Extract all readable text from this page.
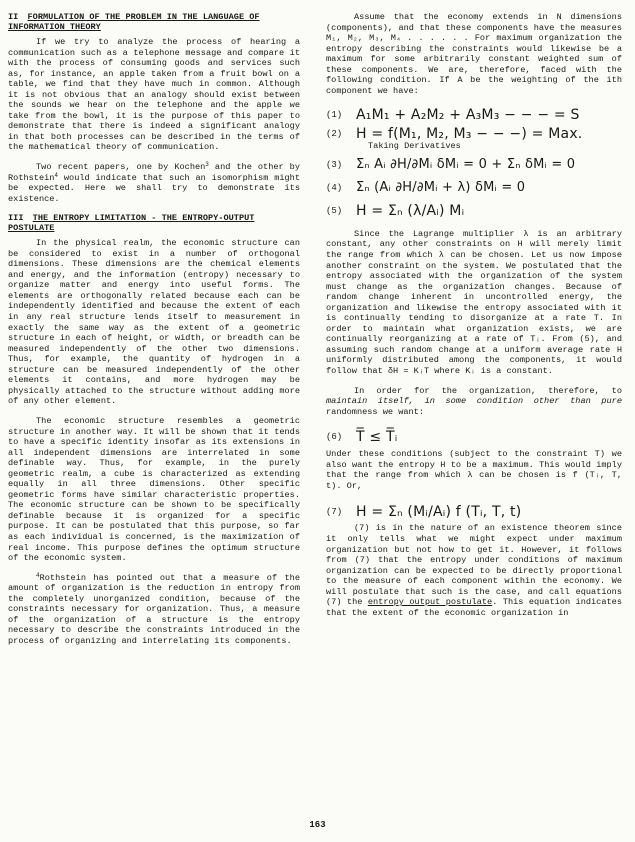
II FORMULATION OF THE PROBLEM IN THE LANGUAGE OF INFORMATION THEORY

If we try to analyze the process of hearing a communication such as a telephone message and compare it with the process of consuming goods and services such as, for instance, an apple taken from a fruit bowl on a table, we find that they have much in common. Although it is not obvious that an analogy should exist between the sounds we hear on the telephone and the apple we take from the bowl, it is the purpose of this paper to demonstrate that there is indeed a significant analogy in that both processes can be described in the terms of the mathematical theory of communication.

Two recent papers, one by Kochen$^3$ and the other by Rothstein$^4$ would indicate that such an isomorphism might be expected. Here we shall try to demonstrate its existence.

III THE ENTROPY LIMITATION - THE ENTROPY-OUTPUT POSTULATE

In the physical realm, the economic structure can be considered to exist in a number of orthogonal dimensions. These dimensions are the chemical elements and energy, and the information (entropy) necessary to organize matter and energy into useful forms. The elements are orthogonally related because each can be independently identified and because the extent of each in any real structure lends itself to measurement in exactly the same way as the extent of a geometric structure in each of height, or width, or breadth can be measured independently of the other two dimensions. Thus, for example, the quantity of hydrogen in a structure can be measured independently of the other elements it contains, and more hydrogen may be physically attached to the structure without adding more of any other element.

The economic structure resembles a geometric structure in another way. It will be shown that it tends to have a specific identity insofar as its extensions in all independent dimensions are interrelated in some definable way. Thus, for example, in the purely geometric realm, a cube is characterized as extending equally in all three dimensions. Other specific geometric forms have similar characteristic properties. The economic structure can be shown to be specifically definable because it is organized for a specific purpose. It can be postulated that this purpose, so far as each individual is concerned, is the maximization of real income. This purpose defines the optimum structure of the economic system.

$^4$Rothstein has pointed out that a measure of the amount of organization is the reduction in entropy from the completely unorganized condition, because of the constraints necessary for organization. Thus, a measure of the organization of a structure is the entropy necessary to describe the constraints introduced in the process of organizing and interrelating its components.

Assume that the economy extends in N dimensions (components), and that these components have the measures M₁, M₂, M₃, M₄ . . . . . . For maximum organization the entropy describing the constraints would likewise be a maximum for some arbitrarily constant weighted sum of these components. We are, therefore, faced with the following condition. If A be the weighting of the ith component we have:

(1) A₁M₁ + A₂M₂ + A₃M₃ − − − = S
(2) H = f(M₁, M₂, M₃ − − −) = Max.
Taking Derivatives
(3)	Σₙ Aᵢ ∂H/∂Mᵢ δMᵢ = 0 + Σₙ δMᵢ = 0
(4)	Σₙ (Aᵢ ∂H/∂Mᵢ + λ) δMᵢ = 0
(5) H = Σₙ (λ/Aᵢ) Mᵢ

Since the Lagrange multiplier λ is an arbitrary constant, any other constraints on H will merely limit the range from which λ can be chosen. Let us now impose another constraint on the system. We postulated that the entropy associated with the organization of the system must change as the organization changes. Because of random change inherent in uncontrolled energy, the organization and likewise the entropy associated with it is continually tending to disorganize at a rate T. In order to maintain what organization exists, we are continually reorganizing at a rate of Tᵢ. From (5), and assuming such random change at a uniform average rate H uniformly distributed among the components, it would follow that δH = KᵢT where Kᵢ is a constant.

In order for the organization, therefore, to maintain itself, in some condition other than pure randomness we want:

(6) T̅ ≤ T̅ᵢ

Under these conditions (subject to the constraint T) we also want the entropy H to be a maximum. This would imply that the range from which λ can be chosen is f (Tᵢ, T, t). Or,

(7) H = Σₙ (Mᵢ/Aᵢ) f (Tᵢ, T, t)

(7) is in the nature of an existence theorem since it only tells what we might expect under maximum organization but not how to get it. However, it follows from (7) that the entropy under conditions of maximum organization can be expected to be directly proportional to the measure of each component within the economy. We will postulate that such is the case, and call equations (7) the entropy output postulate. This equation indicates that the extent of the economic organization in

163
